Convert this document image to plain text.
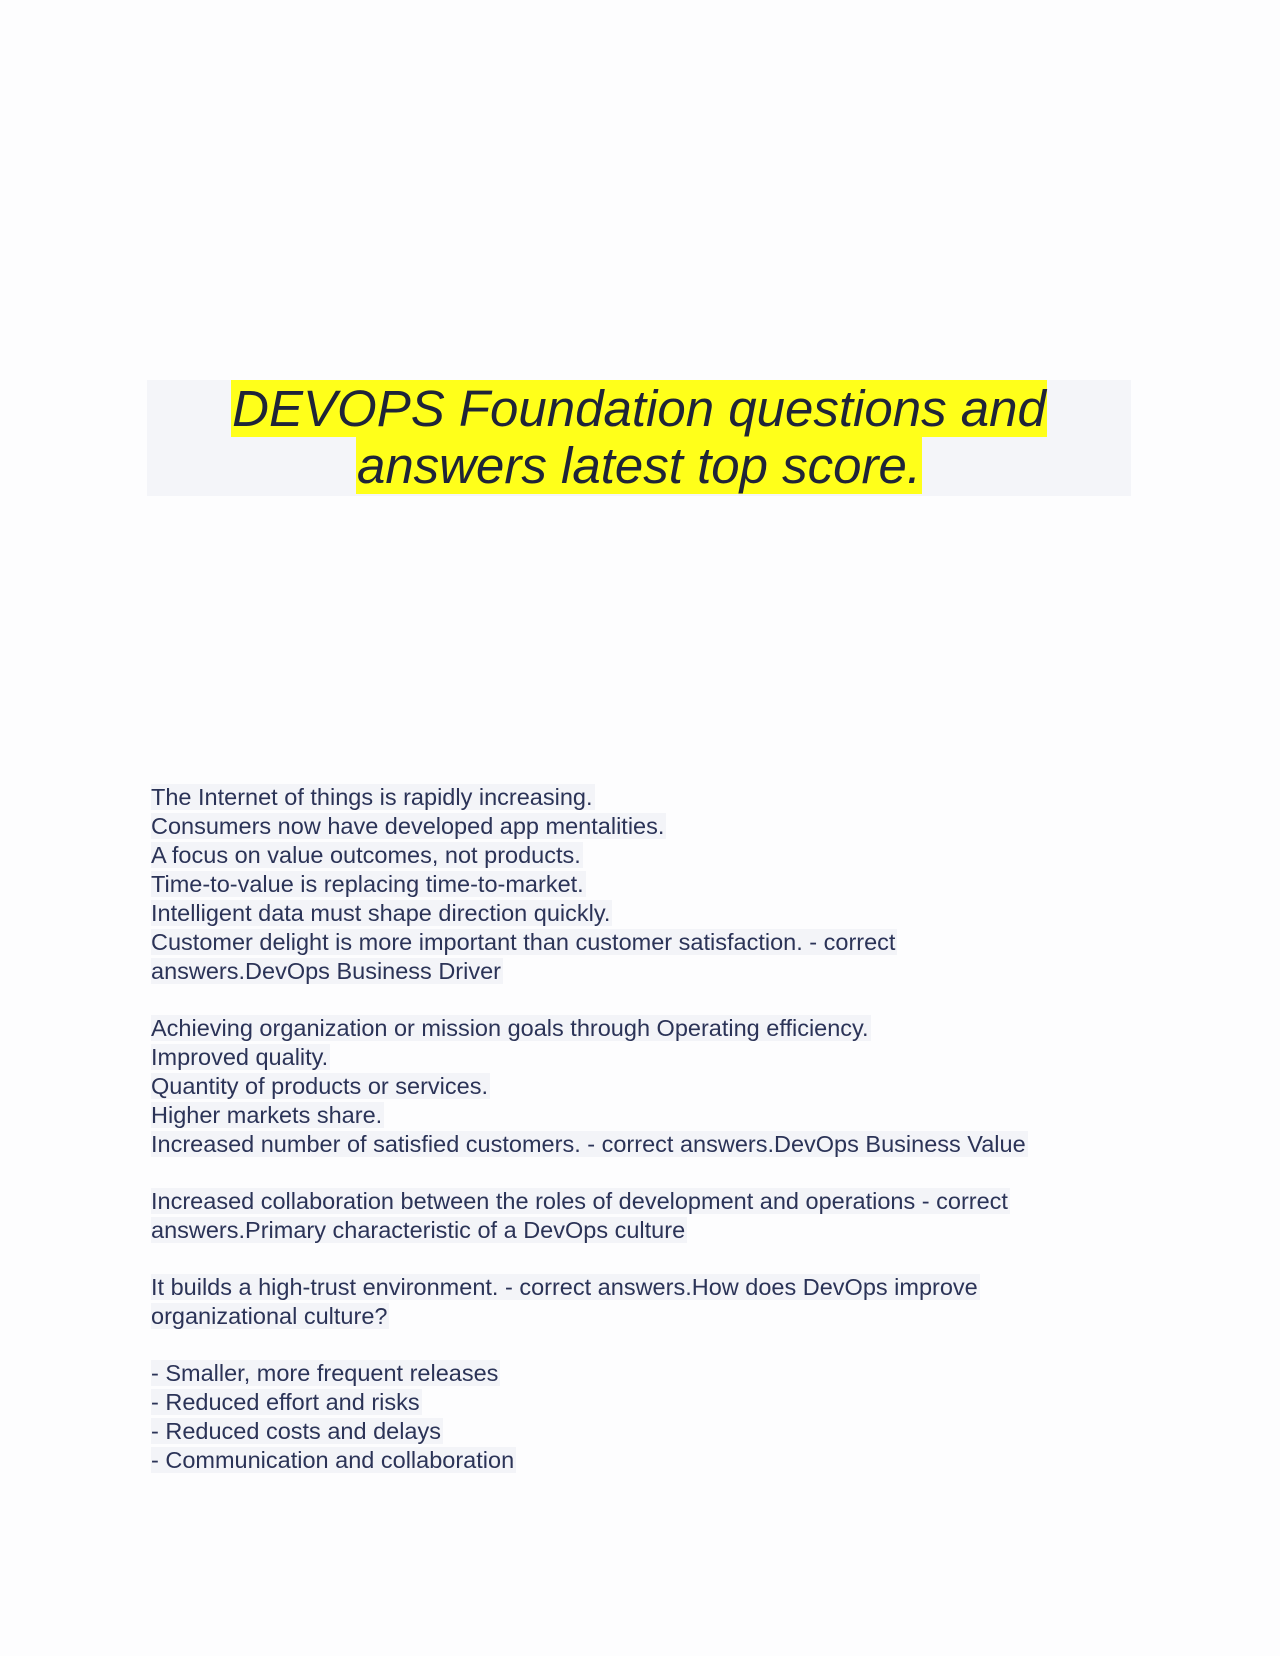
DEVOPS Foundation questions and
answers latest top score.
The Internet of things is rapidly increasing.
Consumers now have developed app mentalities.
A focus on value outcomes, not products.
Time-to-value is replacing time-to-market.
Intelligent data must shape direction quickly.
Customer delight is more important than customer satisfaction. - correct
answers.DevOps Business Driver
Achieving organization or mission goals through Operating efficiency.
Improved quality.
Quantity of products or services.
Higher markets share.
Increased number of satisfied customers. - correct answers.DevOps Business Value
Increased collaboration between the roles of development and operations - correct
answers.Primary characteristic of a DevOps culture
It builds a high-trust environment. - correct answers.How does DevOps improve
organizational culture?
- Smaller, more frequent releases
- Reduced effort and risks
- Reduced costs and delays
- Communication and collaboration
